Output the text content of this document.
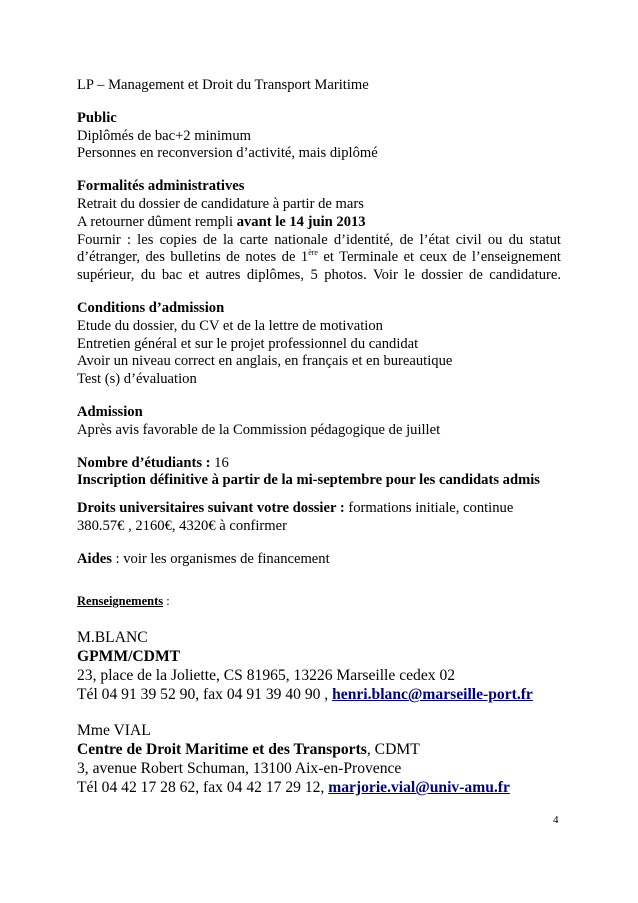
LP – Management et Droit du Transport Maritime
Public
Diplômés de bac+2 minimum
Personnes en reconversion d’activité, mais diplômé
Formalités administratives
Retrait du dossier de candidature à partir de mars
A retourner dûment rempli avant le 14 juin 2013
Fournir : les copies de la carte nationale d’identité, de l’état civil ou du statut d’étranger, des bulletins de notes de 1ère et Terminale et ceux de l’enseignement supérieur, du bac et autres diplômes, 5 photos. Voir le dossier de candidature.
Conditions d’admission
Etude du dossier, du CV et de la lettre de motivation
Entretien général et sur le projet professionnel du candidat
Avoir un niveau correct en anglais, en français et en bureautique
Test (s) d’évaluation
Admission
Après avis favorable de la Commission pédagogique de juillet
Nombre d’étudiants : 16
Inscription définitive à partir de la mi-septembre pour les candidats admis
Droits universitaires suivant votre dossier : formations initiale, continue
380.57€ , 2160€, 4320€ à confirmer
Aides : voir les organismes de financement
Renseignements :
M.BLANC
GPMM/CDMT
23, place de la Joliette, CS 81965, 13226 Marseille cedex 02
Tél 04 91 39 52 90, fax 04 91 39 40 90 , henri.blanc@marseille-port.fr
Mme VIAL
Centre de Droit Maritime et des Transports, CDMT
3, avenue Robert Schuman, 13100 Aix-en-Provence
Tél 04 42 17 28 62, fax 04 42 17 29 12, marjorie.vial@univ-amu.fr
4
